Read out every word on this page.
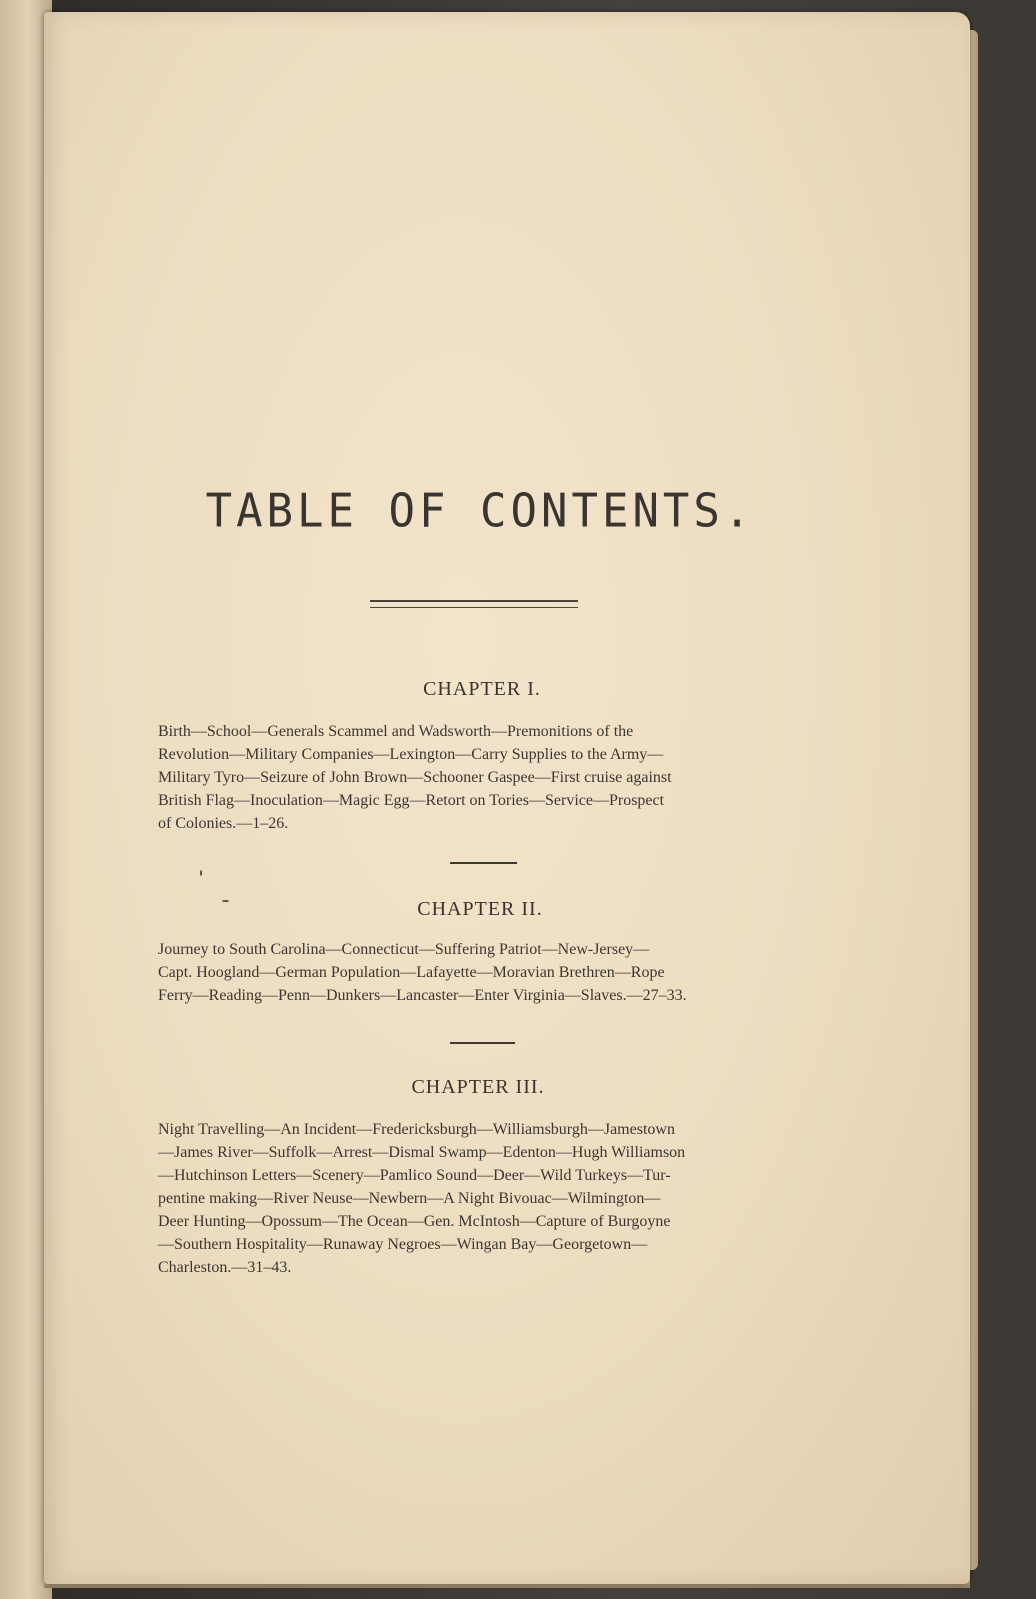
TABLE OF CONTENTS.
CHAPTER I.
Birth—School—Generals Scammel and Wadsworth—Premonitions of the
Revolution—Military Companies—Lexington—Carry Supplies to the Army—
Military Tyro—Seizure of John Brown—Schooner Gaspee—First cruise against
British Flag—Inoculation—Magic Egg—Retort on Tories—Service—Prospect
of Colonies.—1–26.
CHAPTER II.
Journey to South Carolina—Connecticut—Suffering Patriot—New-Jersey—
Capt. Hoogland—German Population—Lafayette—Moravian Brethren—Rope
Ferry—Reading—Penn—Dunkers—Lancaster—Enter Virginia—Slaves.—27–33.
CHAPTER III.
Night Travelling—An Incident—Fredericksburgh—Williamsburgh—Jamestown
—James River—Suffolk—Arrest—Dismal Swamp—Edenton—Hugh Williamson
—Hutchinson Letters—Scenery—Pamlico Sound—Deer—Wild Turkeys—Tur-
pentine making—River Neuse—Newbern—A Night Bivouac—Wilmington—
Deer Hunting—Opossum—The Ocean—Gen. McIntosh—Capture of Burgoyne
—Southern Hospitality—Runaway Negroes—Wingan Bay—Georgetown—
Charleston.—31–43.
